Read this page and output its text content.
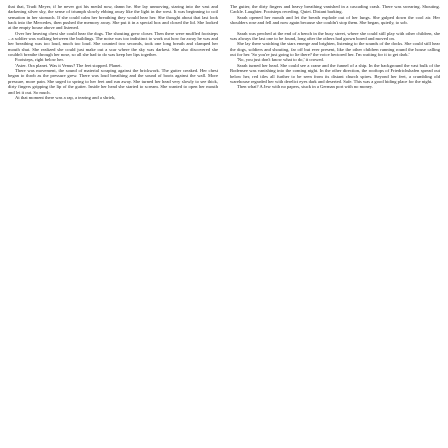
that that, Trudi Meyer, if he never got his medal now, damn he. She lay unmoving, staring into the vast and darkening silver sky, the sense of triumph slowly ebbing away like the light in the west. It was beginning to coil sensation in her stomach. If she could calm her breathing they would hear her. She thought about that last look back into the Mercedes, then pushed the memory away. She put it in a special box and closed the lid. She looked at the empty house above and listened.

Over her heaving chest she could hear the dogs. The shouting grew closer. Then there were muffled footsteps – a soldier was walking between the buildings. The noise was too indistinct to work out how far away he was and her breathing was too loud, much too loud. She counted two seconds, took one long breath and clamped her mouth shut. She realized she could just make out a scar where the sky was darkest. She also discovered she couldn't breathe through her nose, so all she had to do was keep her lips together.

Footsteps, right below her.

'Aster. Ora planet. Was it Venus? The feet stopped. Planet.

There was movement, the sound of material scraping against the brickwork. The gutter creaked. Her chest began to throb as the pressure grew. There was loud breathing and the sound of boots against the wall. More pressure, more pain. She urged to spring to her feet and run away. She turned her head very slowly to see thick, dirty fingers gripping the lip of the gutter. Inside her head she started to scream. She wanted to open her mouth and let it out. So much.

At that moment there was a rap, a tearing and a shriek,

The gutter, the dirty fingers and heavy breathing vanished in a cascading crash. There was swearing. Shouting. Cackle. Laughter. Footsteps receding. Quiet. Distant barking.

Sarah opened her mouth and let the breath explode out of her lungs. She gulped down the cool air. Her shoulders rose and fell and now again because she couldn't stop them. She began, quietly, to sob.

Sarah was perched at the end of a bench in the busy street, where she could still play with other children, she was always the last one to be found, long after the others had grown bored and moved on.

She lay there watching the stars emerge and brighten, listening to the sounds of the docks. She could still hear the dogs, soldiers and shouting, far off but ever present, like the other children running round the house calling out for her. 'So you're just going to lie there? the voice hectored her. I'm waiting for it to get dark.'

'No, you just don't know what to do,' it crowed.

Sarah turned her head. She could see a crane and the funnel of a ship. In the background the vast bulk of the Bodensee was vanishing into the coming night. In the other direction, the rooftops of Friedrichshafen spread out below her, red tiles all further to be seen from its distant church spires. Beyond her feet, a crumbling old warehouse regarded her with derelict eyes dark and deserted. Safe. This was a good hiding place for the night.

Then what? A Jew with no papers, stuck in a German port with no money.
